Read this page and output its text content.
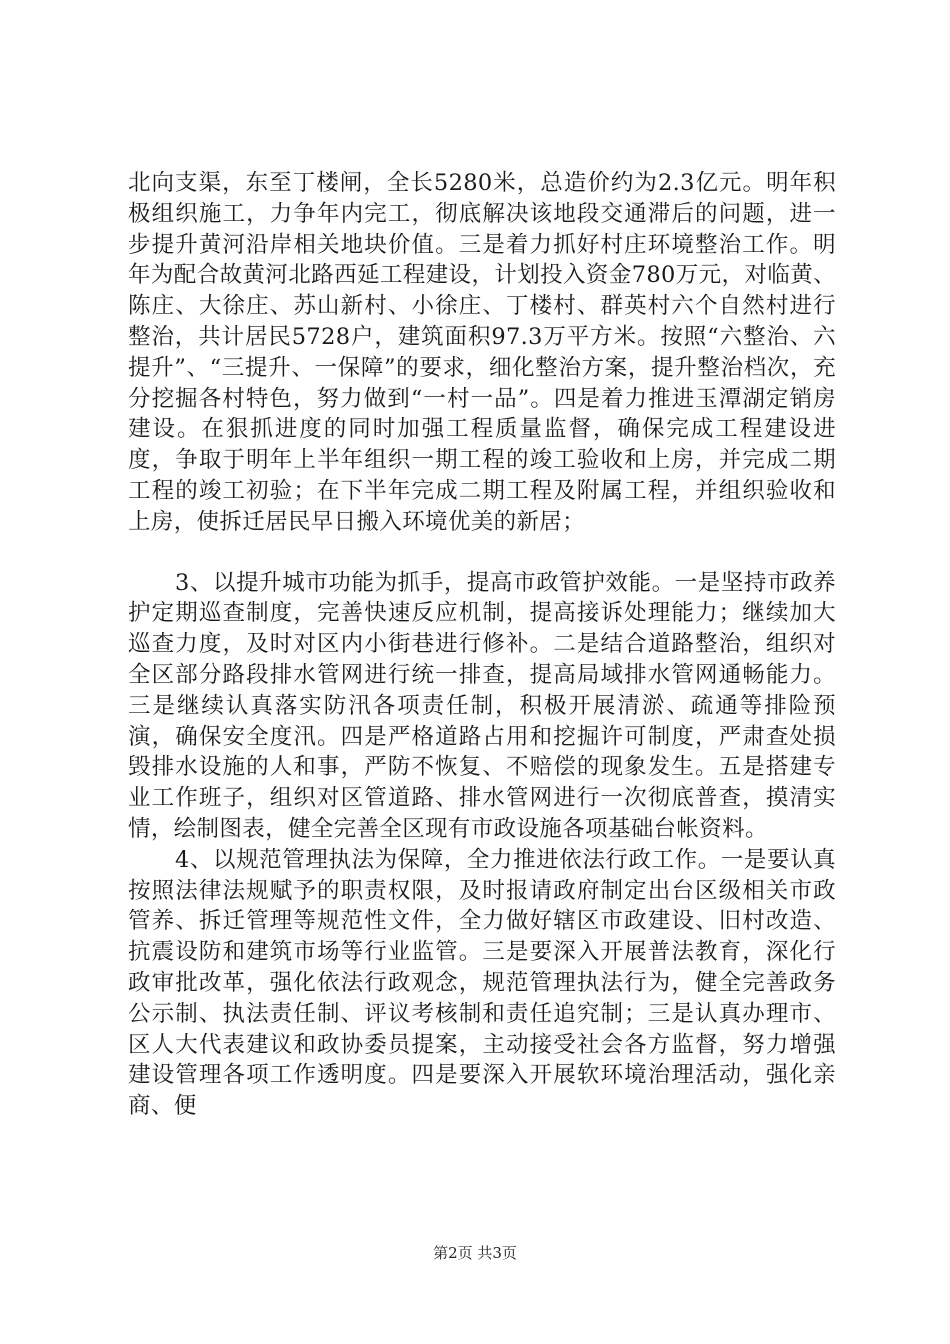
北向支渠，东至丁楼闸，全长5280米，总造价约为2.3亿元。明年积极组织施工，力争年内完工，彻底解决该地段交通滞后的问题，进一步提升黄河沿岸相关地块价值。三是着力抓好村庄环境整治工作。明年为配合故黄河北路西延工程建设，计划投入资金780万元，对临黄、陈庄、大徐庄、苏山新村、小徐庄、丁楼村、群英村六个自然村进行整治，共计居民5728户，建筑面积97.3万平方米。按照“六整治、六提升”、“三提升、一保障”的要求，细化整治方案，提升整治档次，充分挖掘各村特色，努力做到“一村一品”。四是着力推进玉潭湖定销房建设。在狠抓进度的同时加强工程质量监督，确保完成工程建设进度，争取于明年上半年组织一期工程的竣工验收和上房，并完成二期工程的竣工初验；在下半年完成二期工程及附属工程，并组织验收和上房，使拆迁居民早日搬入环境优美的新居；

3、以提升城市功能为抓手，提高市政管护效能。一是坚持市政养护定期巡查制度，完善快速反应机制，提高接诉处理能力；继续加大巡查力度，及时对区内小街巷进行修补。二是结合道路整治，组织对全区部分路段排水管网进行统一排查，提高局域排水管网通畅能力。三是继续认真落实防汛各项责任制，积极开展清淤、疏通等排险预演，确保安全度汛。四是严格道路占用和挖掘许可制度，严肃查处损毁排水设施的人和事，严防不恢复、不赔偿的现象发生。五是搭建专业工作班子，组织对区管道路、排水管网进行一次彻底普查，摸清实情，绘制图表，健全完善全区现有市政设施各项基础台帐资料。

4、以规范管理执法为保障，全力推进依法行政工作。一是要认真按照法律法规赋予的职责权限，及时报请政府制定出台区级相关市政管养、拆迁管理等规范性文件，全力做好辖区市政建设、旧村改造、抗震设防和建筑市场等行业监管。三是要深入开展普法教育，深化行政审批改革，强化依法行政观念，规范管理执法行为，健全完善政务公示制、执法责任制、评议考核制和责任追究制；三是认真办理市、区人大代表建议和政协委员提案，主动接受社会各方监督，努力增强建设管理各项工作透明度。四是要深入开展软环境治理活动，强化亲商、便

第2页 共3页
